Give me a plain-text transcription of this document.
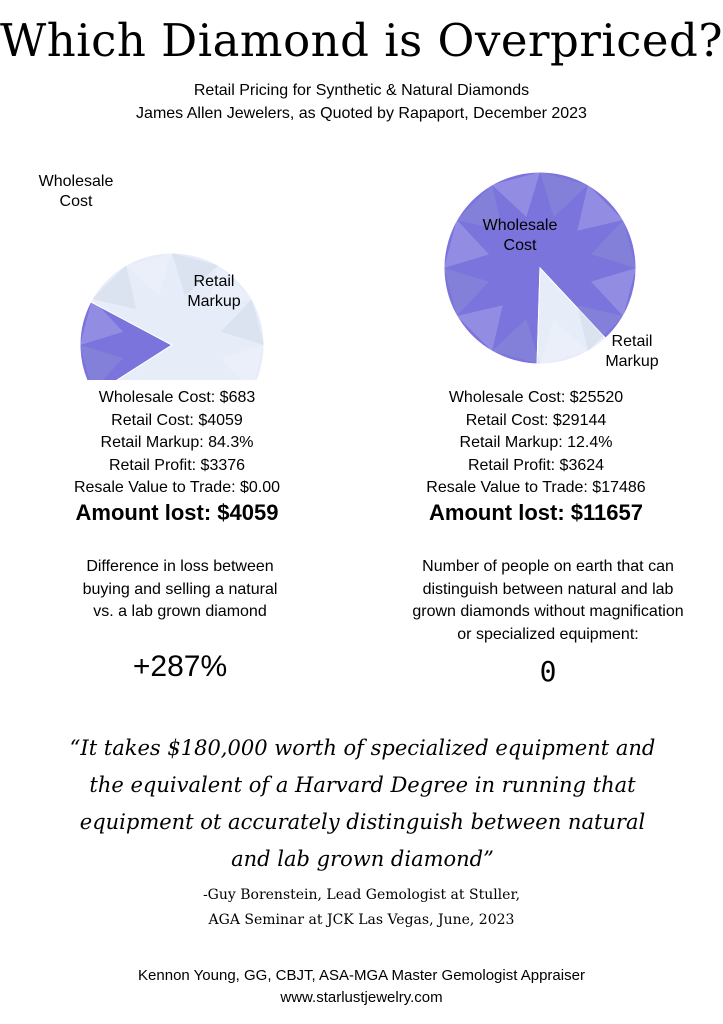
Which Diamond is Overpriced?
Retail Pricing for Synthetic & Natural Diamonds
James Allen Jewelers, as Quoted by Rapaport, December 2023
Wholesale Cost
Retail Markup
Wholesale Cost
Retail Markup
Wholesale Cost: $683
Retail Cost: $4059
Retail Markup: 84.3%
Retail Profit: $3376
Resale Value to Trade: $0.00
Amount lost: $4059
Wholesale Cost: $25520
Retail Cost: $29144
Retail Markup: 12.4%
Retail Profit: $3624
Resale Value to Trade: $17486
Amount lost: $11657
Difference in loss between
buying and selling a natural
vs. a lab grown diamond
+287%
Number of people on earth that can
distinguish between natural and lab
grown diamonds without magnification
or specialized equipment:
0
“It takes $180,000 worth of specialized equipment and
the equivalent of a Harvard Degree in running that
equipment ot accurately distinguish between natural
and lab grown diamond”
-Guy Borenstein, Lead Gemologist at Stuller,
AGA Seminar at JCK Las Vegas, June, 2023
Kennon Young, GG, CBJT, ASA-MGA Master Gemologist Appraiser
www.starlustjewelry.com
